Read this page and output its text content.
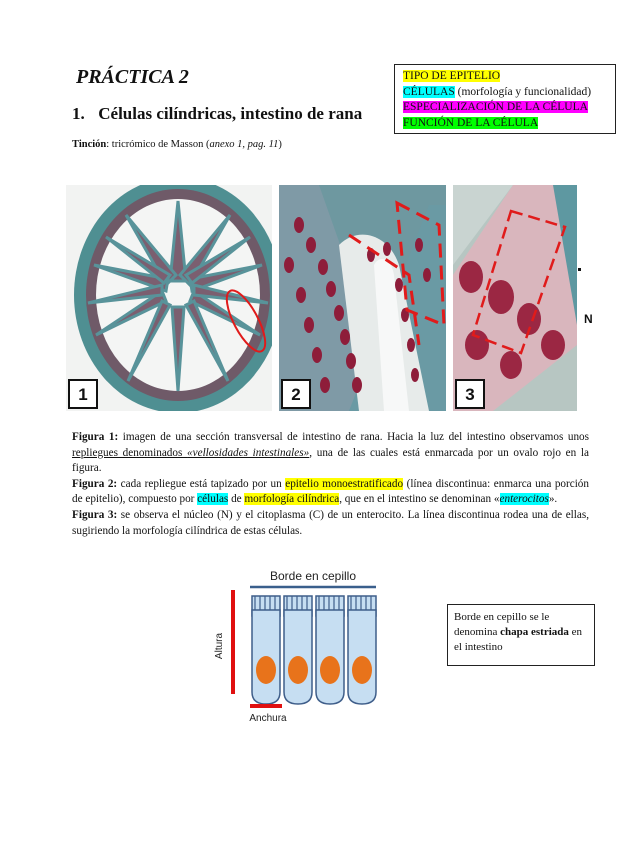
PRÁCTICA 2
1. Células cilíndricas, intestino de rana
Tinción: tricrómico de Masson (anexo 1, pag. 11)
TIPO DE EPITELIO
CÉLULAS (morfología y funcionalidad)
ESPECIALIZACIÓN DE LA CÉLULA
FUNCIÓN DE LA CÉLULA
1	2	3
N

Figura 1: imagen de una sección transversal de intestino de rana. Hacia la luz del intestino observamos unos repliegues denominados «vellosidades intestinales», una de las cuales está enmarcada por un ovalo rojo en la figura.

Figura 2: cada repliegue está tapizado por un epitelio monoestratificado (línea discontinua: enmarca una porción de epitelio), compuesto por células de morfología cilíndrica, que en el intestino se denominan «enterocitos».

Figura 3: se observa el núcleo (N) y el citoplasma (C) de un enterocito. La línea discontinua rodea una de ellas, sugiriendo la morfología cilíndrica de estas células.

Borde en cepillo
Altura
Anchura
Borde en cepillo se le denomina chapa estriada en el intestino
